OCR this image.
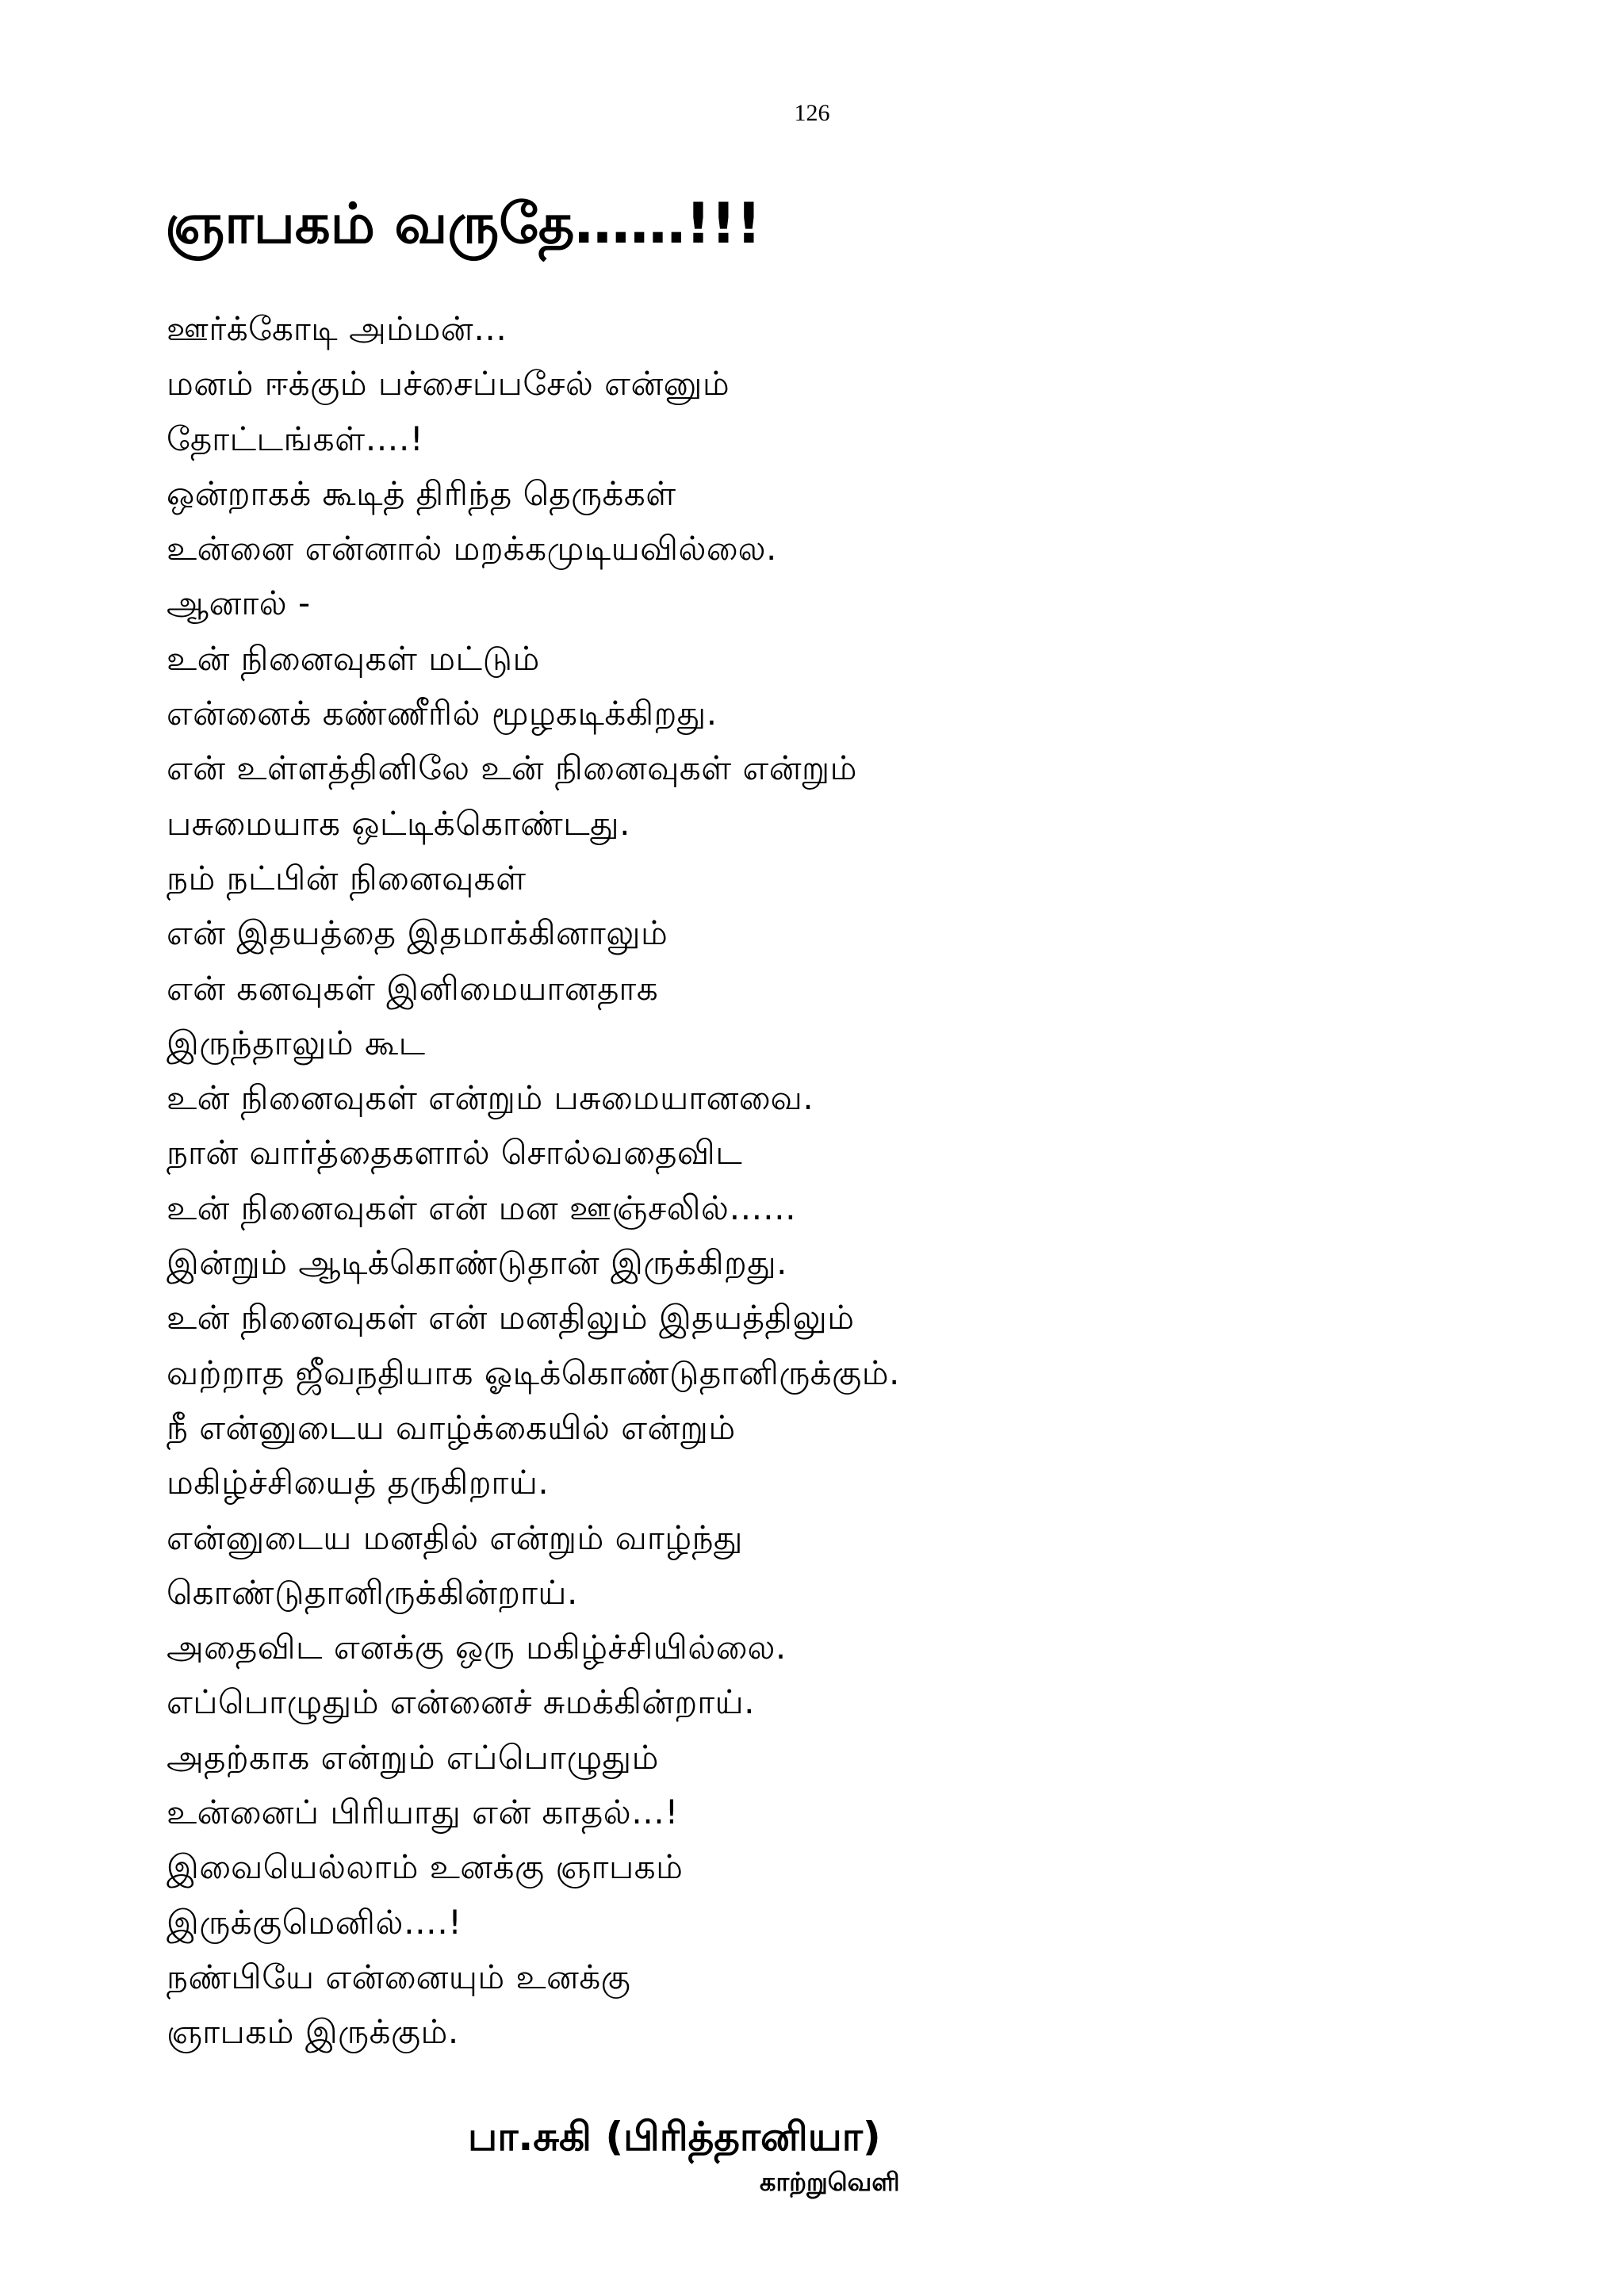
126
ஞாபகம் வருதே……!!!
ஊர்க்கோடி அம்மன்…
மனம் ஈக்கும் பச்சைப்பசேல் என்னும்
தோட்டங்கள்….!
ஒன்றாகக் கூடித் திரிந்த தெருக்கள்
உன்னை என்னால் மறக்கமுடியவில்லை.
ஆனால் -
உன் நினைவுகள் மட்டும்
என்னைக் கண்ணீரில் மூழகடிக்கிறது.
என் உள்ளத்தினிலே உன் நினைவுகள் என்றும்
பசுமையாக ஒட்டிக்கொண்டது.
நம் நட்பின் நினைவுகள்
என் இதயத்தை இதமாக்கினாலும்
என் கனவுகள் இனிமையானதாக
இருந்தாலும் கூட
உன் நினைவுகள் என்றும் பசுமையானவை.
நான் வார்த்தைகளால் சொல்வதைவிட
உன் நினைவுகள் என் மன ஊஞ்சலில்……
இன்றும் ஆடிக்கொண்டுதான் இருக்கிறது.
உன் நினைவுகள் என் மனதிலும் இதயத்திலும்
வற்றாத ஜீவநதியாக ஓடிக்கொண்டுதானிருக்கும்.
நீ என்னுடைய வாழ்க்கையில் என்றும்
மகிழ்ச்சியைத் தருகிறாய்.
என்னுடைய மனதில் என்றும் வாழ்ந்து
கொண்டுதானிருக்கின்றாய்.
அதைவிட எனக்கு ஒரு மகிழ்ச்சியில்லை.
எப்பொழுதும் என்னைச் சுமக்கின்றாய்.
அதற்காக என்றும் எப்பொழுதும்
உன்னைப் பிரியாது என் காதல்…!
இவையெல்லாம் உனக்கு ஞாபகம்
இருக்குமெனில்….!
நண்பியே என்னையும் உனக்கு
ஞாபகம் இருக்கும்.
பா.சுகி (பிரித்தானியா)
காற்றுவெளி
